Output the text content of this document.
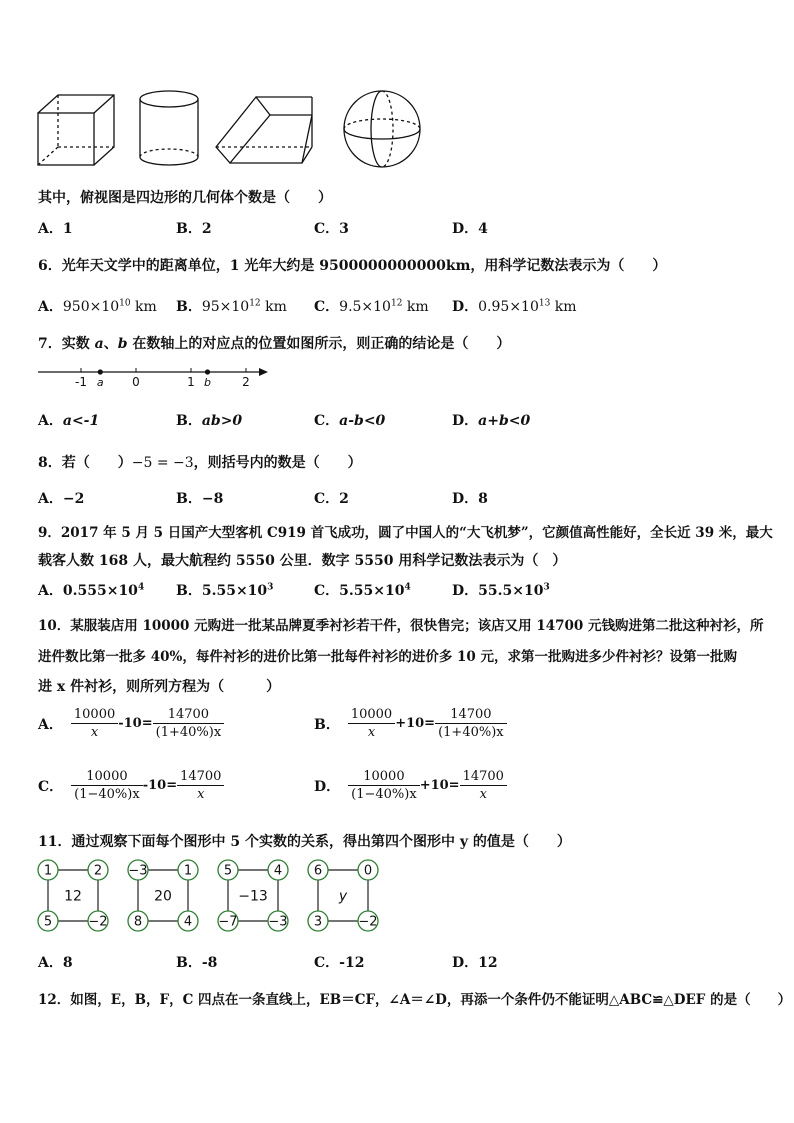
其中，俯视图是四边形的几何体个数是（　　）
A．1	B．2	C．3	D．4
6．光年天文学中的距离单位，1 光年大约是 9500000000000km，用科学记数法表示为（　　）
A．$950\times 10^{10}$ km B．$95\times 10^{12}$ km C．$9.5\times 10^{12}$ km D．$0.95\times 10^{13}$ km
7．实数 a、b 在数轴上的对应点的位置如图所示，则正确的结论是（　　）
-1 a 0	1 b	2
A．a<-1	B．ab>0	C．a-b<0	D．a+b<0
8．若（　　）−5 = −3，则括号内的数是（　　）
A．−2	B．−8	C．2	D．8
9．2017 年 5 月 5 日国产大型客机 C919 首飞成功，圆了中国人的“大飞机梦”，它颜值高性能好，全长近 39 米，最大
载客人数 168 人，最大航程约 5550 公里．数字 5550 用科学记数法表示为（　）
A．$0.555\times 10^4$ B．$5.55\times 10^3$	C．$5.55\times 10^4$	D．$55.5\times 10^3$
10．某服装店用 10000 元购进一批某品牌夏季衬衫若干件，很快售完；该店又用 14700 元钱购进第二批这种衬衫，所
进件数比第一批多 40%，每件衬衫的进价比第一批每件衬衫的进价多 10 元，求第一批购进多少件衬衫？设第一批购
进 x 件衬衫，则所列方程为（　　　）
A． $\frac{10000}{x} -10= \frac{14700}{(1+40\%)x}$	B． $\frac{10000}{x} +10= \frac{14700}{(1+40\%)x}$
C． $\frac{10000}{(1-40\%)x} -10= \frac{14700}{x}$	D． $\frac{10000}{(1-40\%)x} +10= \frac{14700}{x}$
11．通过观察下面每个图形中 5 个实数的关系，得出第四个图形中 y 的值是（　　）
1	2
−2
5
12
−3	1
4
8
20
5	4
−3
−7
−13
6	0
−2
3
y
A．8	B．-8	C．-12	D．12
12．如图，E，B，F，C 四点在一条直线上，EB＝CF，∠A＝∠D，再添一个条件仍不能证明△ABC≌△DEF 的是（　　）
